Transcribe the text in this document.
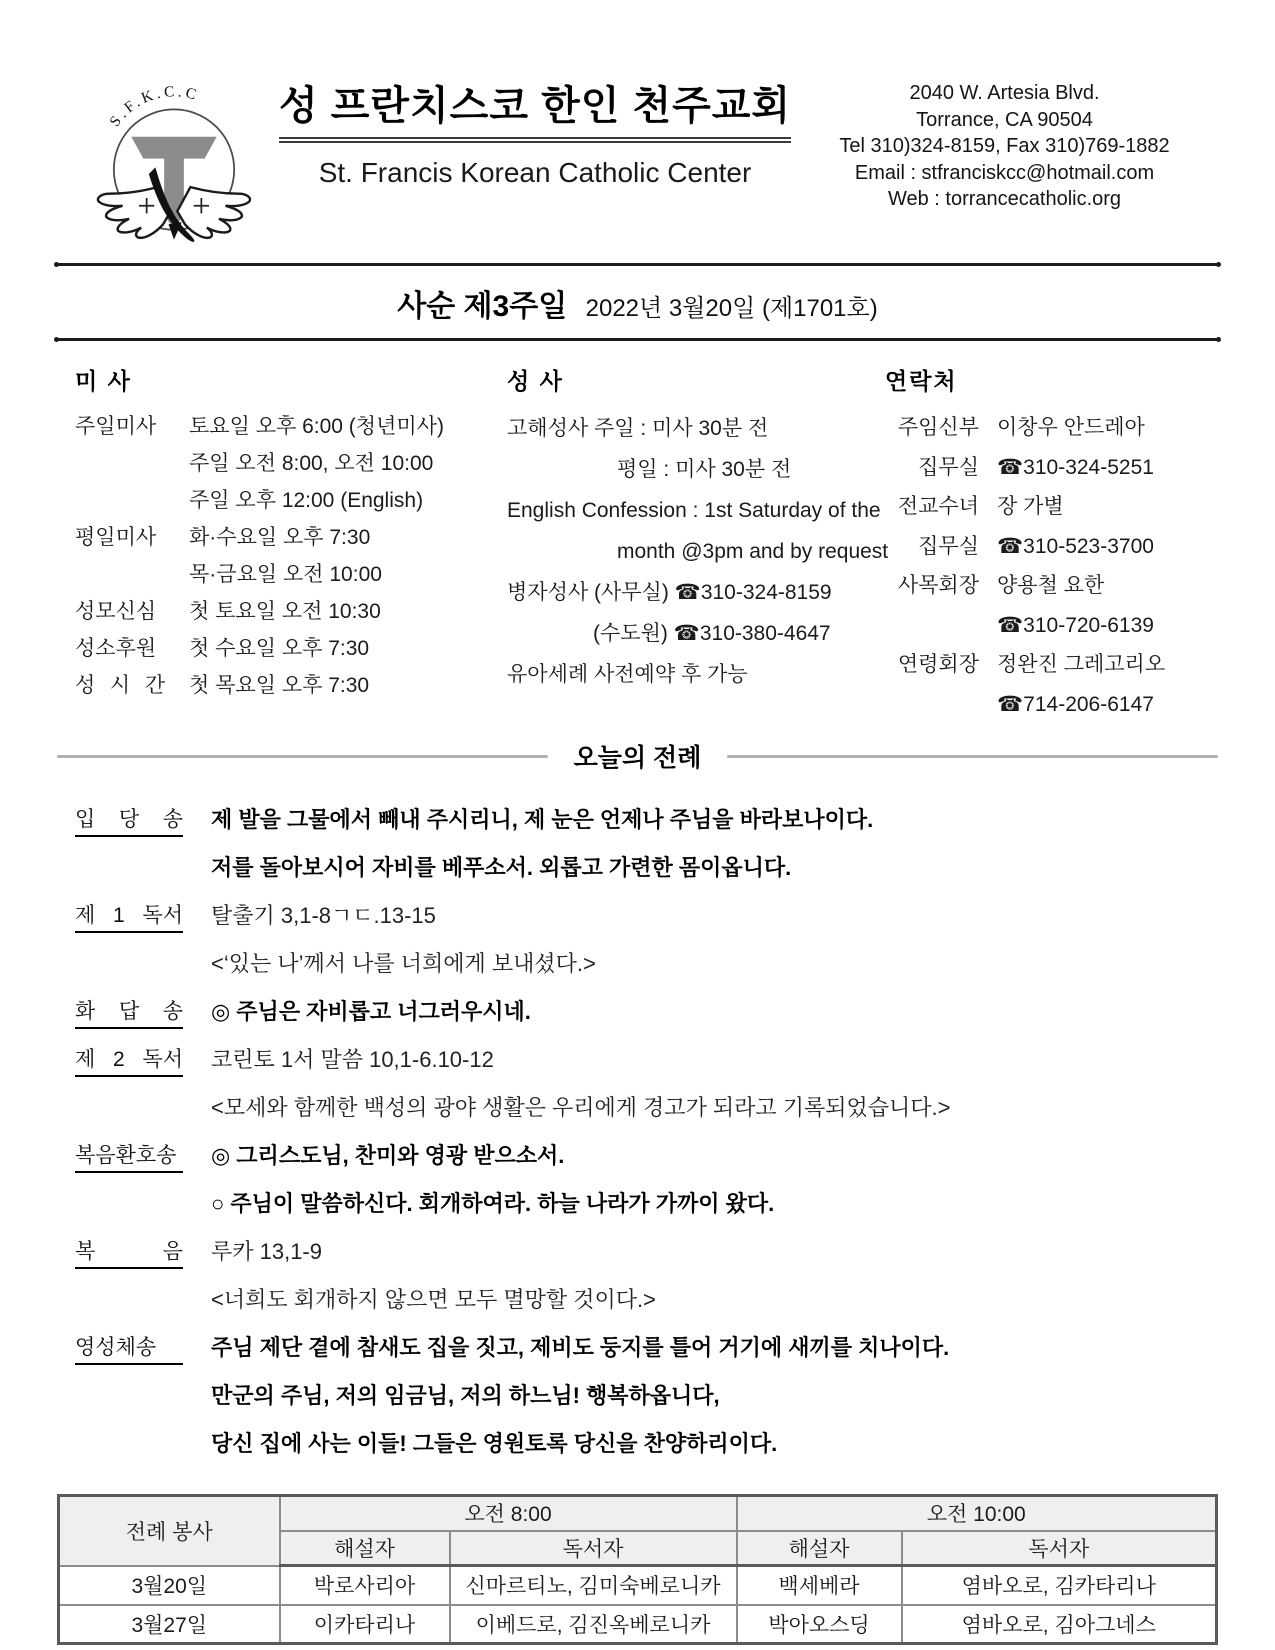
S.F.K.C.C 성 프란치스코 한인 천주교회
St. Francis Korean Catholic Center
2040 W. Artesia Blvd.
Torrance, CA 90504
Tel 310)324-8159, Fax 310)769-1882
Email : stfranciskcc@hotmail.com
Web : torrancecatholic.org
사순 제3주일 2022년 3월20일 (제1701호)
미 사
주일미사	토요일 오후 6:00 (청년미사)
주일 오전 8:00, 오전 10:00
주일 오후 12:00 (English)
평일미사	화·수요일 오후 7:30
목·금요일 오전 10:00
성모신심	첫 토요일 오전 10:30
성소후원	첫 수요일 오후 7:30
성 시 간 첫 목요일 오후 7:30
성 사
고해성사 주일 : 미사 30분 전
평일 : 미사 30분 전
English Confession : 1st Saturday of the
month @3pm and by request
병자성사 (사무실) ☎310-324-8159
(수도원) ☎310-380-4647
유아세례 사전예약 후 가능
연락처
주임신부 이창우 안드레아
집무실 ☎310-324-5251
전교수녀 장 가별
집무실 ☎310-523-3700
사목회장 양용철 요한
☎310-720-6139
연령회장 정완진 그레고리오
☎714-206-6147
오늘의 전례
입 당 송 제 발을 그물에서 빼내 주시리니, 제 눈은 언제나 주님을 바라보나이다.
저를 돌아보시어 자비를 베푸소서. 외롭고 가련한 몸이옵니다.
제 1 독서 탈출기 3,1-8ㄱㄷ.13-15
<‘있는 나’께서 나를 너희에게 보내셨다.>
화 답 송 ◎ 주님은 자비롭고 너그러우시네.
제 2 독서 코린토 1서 말씀 10,1-6.10-12
<모세와 함께한 백성의 광야 생활은 우리에게 경고가 되라고 기록되었습니다.>
복음환호송 ◎ 그리스도님, 찬미와 영광 받으소서.
○ 주님이 말씀하신다. 회개하여라. 하늘 나라가 가까이 왔다.
복 음 루카 13,1-9
<너희도 회개하지 않으면 모두 멸망할 것이다.>
영성체송	주님 제단 곁에 참새도 집을 짓고, 제비도 둥지를 틀어 거기에 새끼를 치나이다.
만군의 주님, 저의 임금님, 저의 하느님! 행복하옵니다,
당신 집에 사는 이들! 그들은 영원토록 당신을 찬양하리이다.
전례 봉사	오전 8:00		오전 10:00	
	해설자	독서자	해설자	독서자
3월20일	박로사리아	신마르티노, 김미숙베로니카	백세베라	염바오로, 김카타리나
3월27일	이카타리나	이베드로, 김진옥베로니카	박아오스딩	염바오로, 김아그네스
